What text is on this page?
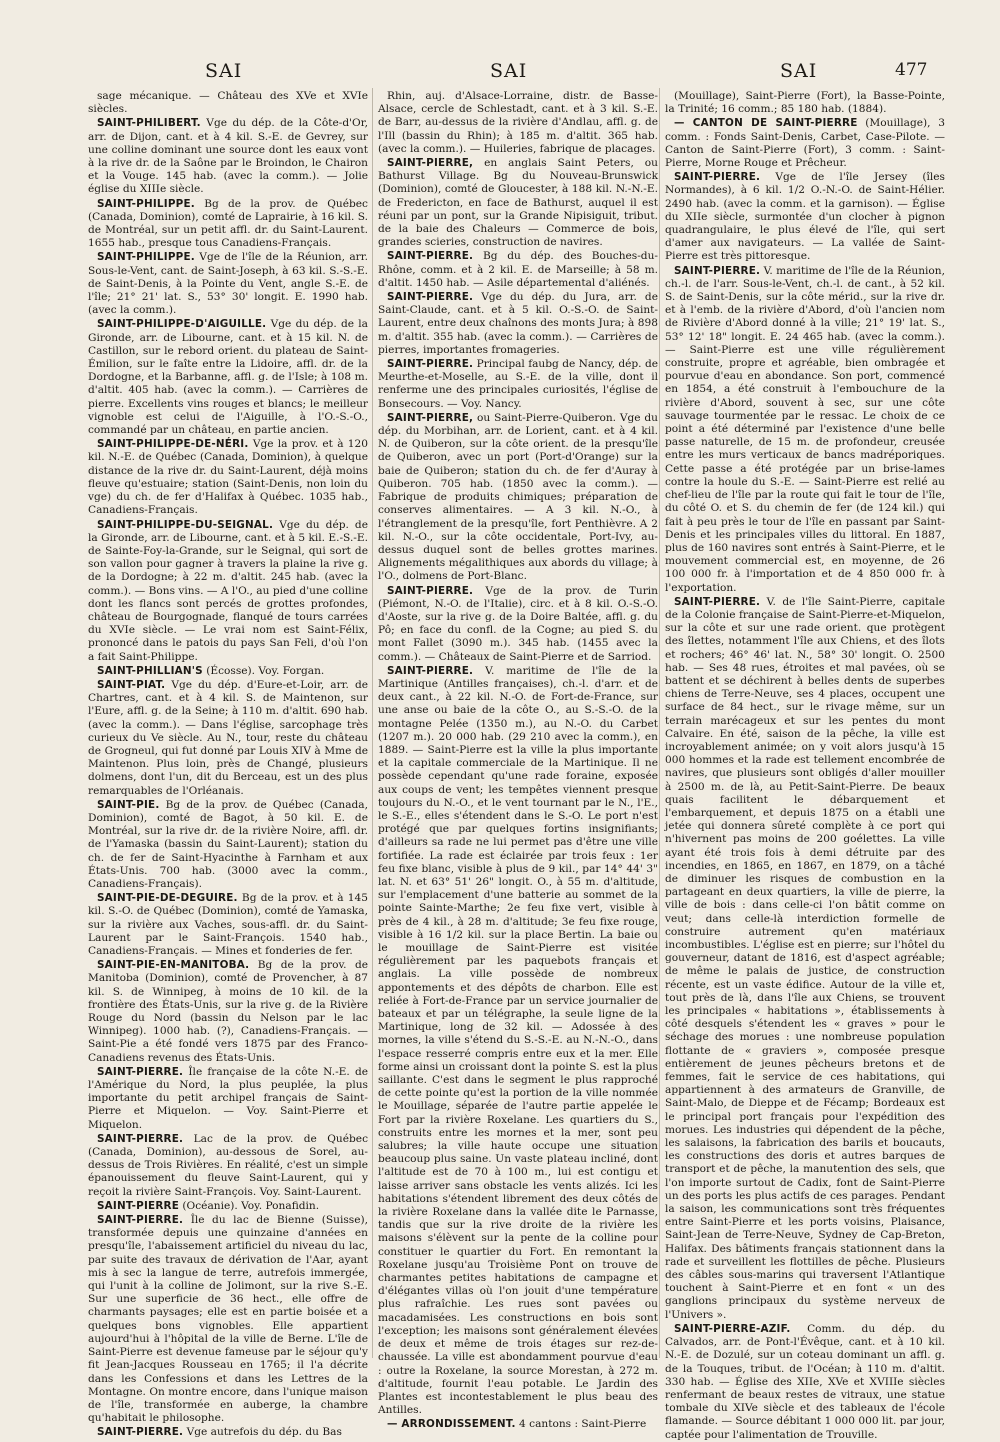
SAI	SAI	SAI	477

sage mécanique. — Château des XVe et XVIe siècles.

SAINT-PHILIBERT. Vge du dép. de la Côte-d'Or, arr. de Dijon, cant. et à 4 kil. S.-E. de Gevrey, sur une colline dominant une source dont les eaux vont à la rive dr. de la Saône par le Broindon, le Chairon et la Vouge. 145 hab. (avec la comm.). — Jolie église du XIIIe siècle.

SAINT-PHILIPPE. Bg de la prov. de Québec (Canada, Dominion), comté de Laprairie, à 16 kil. S. de Montréal, sur un petit affl. dr. du Saint-Laurent. 1655 hab., presque tous Canadiens-Français.

SAINT-PHILIPPE. Vge de l'île de la Réunion, arr. Sous-le-Vent, cant. de Saint-Joseph, à 63 kil. S.-S.-E. de Saint-Denis, à la Pointe du Vent, angle S.-E. de l'île; 21° 21' lat. S., 53° 30' longit. E. 1990 hab. (avec la comm.).

SAINT-PHILIPPE-D'AIGUILLE. Vge du dép. de la Gironde, arr. de Libourne, cant. et à 15 kil. N. de Castillon, sur le rebord orient. du plateau de Saint-Émilion, sur le faîte entre la Lidoire, affl. dr. de la Dordogne, et la Barbanne, affl. g. de l'Isle; à 108 m. d'altit. 405 hab. (avec la comm.). — Carrières de pierre. Excellents vins rouges et blancs; le meilleur vignoble est celui de l'Aiguille, à l'O.-S.-O., commandé par un château, en partie ancien.

SAINT-PHILIPPE-DE-NÉRI. Vge la prov. et à 120 kil. N.-E. de Québec (Canada, Dominion), à quelque distance de la rive dr. du Saint-Laurent, déjà moins fleuve qu'estuaire; station (Saint-Denis, non loin du vge) du ch. de fer d'Halifax à Québec. 1035 hab., Canadiens-Français.

SAINT-PHILIPPE-DU-SEIGNAL. Vge du dép. de la Gironde, arr. de Libourne, cant. et à 5 kil. E.-S.-E. de Sainte-Foy-la-Grande, sur le Seignal, qui sort de son vallon pour gagner à travers la plaine la rive g. de la Dordogne; à 22 m. d'altit. 245 hab. (avec la comm.). — Bons vins. — A l'O., au pied d'une colline dont les flancs sont percés de grottes profondes, château de Bourgognade, flanqué de tours carrées du XVIe siècle. — Le vrai nom est Saint-Félix, prononcé dans le patois du pays San Feli, d'où l'on a fait Saint-Philippe.

SAINT-PHILLIAN'S (Écosse). Voy. Forgan.

SAINT-PIAT. Vge du dép. d'Eure-et-Loir, arr. de Chartres, cant. et à 4 kil. S. de Maintenon, sur l'Eure, affl. g. de la Seine; à 110 m. d'altit. 690 hab. (avec la comm.). — Dans l'église, sarcophage très curieux du Ve siècle. Au N., tour, reste du château de Grogneul, qui fut donné par Louis XIV à Mme de Maintenon. Plus loin, près de Changé, plusieurs dolmens, dont l'un, dit du Berceau, est un des plus remarquables de l'Orléanais.

SAINT-PIE. Bg de la prov. de Québec (Canada, Dominion), comté de Bagot, à 50 kil. E. de Montréal, sur la rive dr. de la rivière Noire, affl. dr. de l'Yamaska (bassin du Saint-Laurent); station du ch. de fer de Saint-Hyacinthe à Farnham et aux États-Unis. 700 hab. (3000 avec la comm., Canadiens-Français).

SAINT-PIE-DE-DEGUIRE. Bg de la prov. et à 145 kil. S.-O. de Québec (Dominion), comté de Yamaska, sur la rivière aux Vaches, sous-affl. dr. du Saint-Laurent par le Saint-François. 1540 hab., Canadiens-Français. — Mines et fonderies de fer.

SAINT-PIE-EN-MANITOBA. Bg de la prov. de Manitoba (Dominion), comté de Provencher, à 87 kil. S. de Winnipeg, à moins de 10 kil. de la frontière des États-Unis, sur la rive g. de la Rivière Rouge du Nord (bassin du Nelson par le lac Winnipeg). 1000 hab. (?), Canadiens-Français. — Saint-Pie a été fondé vers 1875 par des Franco-Canadiens revenus des États-Unis.

SAINT-PIERRE. Île française de la côte N.-E. de l'Amérique du Nord, la plus peuplée, la plus importante du petit archipel français de Saint-Pierre et Miquelon. — Voy. Saint-Pierre et Miquelon.

SAINT-PIERRE. Lac de la prov. de Québec (Canada, Dominion), au-dessous de Sorel, au-dessus de Trois Rivières. En réalité, c'est un simple épanouissement du fleuve Saint-Laurent, qui y reçoit la rivière Saint-François. Voy. Saint-Laurent.

SAINT-PIERRE (Océanie). Voy. Ponafidin.

SAINT-PIERRE. Île du lac de Bienne (Suisse), transformée depuis une quinzaine d'années en presqu'île, l'abaissement artificiel du niveau du lac, par suite des travaux de dérivation de l'Aar, ayant mis à sec la langue de terre, autrefois immergée, qui l'unit à la colline de Jolimont, sur la rive S.-E. Sur une superficie de 36 hect., elle offre de charmants paysages; elle est en partie boisée et a quelques bons vignobles. Elle appartient aujourd'hui à l'hôpital de la ville de Berne. L'île de Saint-Pierre est devenue fameuse par le séjour qu'y fit Jean-Jacques Rousseau en 1765; il l'a décrite dans les Confessions et dans les Lettres de la Montagne. On montre encore, dans l'unique maison de l'île, transformée en auberge, la chambre qu'habitait le philosophe.

SAINT-PIERRE. Vge autrefois du dép. du Bas

Rhin, auj. d'Alsace-Lorraine, distr. de Basse-Alsace, cercle de Schlestadt, cant. et à 3 kil. S.-E. de Barr, au-dessus de la rivière d'Andlau, affl. g. de l'Ill (bassin du Rhin); à 185 m. d'altit. 365 hab. (avec la comm.). — Huileries, fabrique de placages.

SAINT-PIERRE, en anglais Saint Peters, ou Bathurst Village. Bg du Nouveau-Brunswick (Dominion), comté de Gloucester, à 188 kil. N.-N.-E. de Fredericton, en face de Bathurst, auquel il est réuni par un pont, sur la Grande Nipisiguit, tribut. de la baie des Chaleurs — Commerce de bois, grandes scieries, construction de navires.

SAINT-PIERRE. Bg du dép. des Bouches-du-Rhône, comm. et à 2 kil. E. de Marseille; à 58 m. d'altit. 1450 hab. — Asile départemental d'aliénés.

SAINT-PIERRE. Vge du dép. du Jura, arr. de Saint-Claude, cant. et à 5 kil. O.-S.-O. de Saint-Laurent, entre deux chaînons des monts Jura; à 898 m. d'altit. 355 hab. (avec la comm.). — Carrières de pierres, importantes fromageries.

SAINT-PIERRE. Principal faubg de Nancy, dép. de Meurthe-et-Moselle, au S.-E. de la ville, dont il renferme une des principales curiosités, l'église de Bonsecours. — Voy. Nancy.

SAINT-PIERRE, ou Saint-Pierre-Quiberon. Vge du dép. du Morbihan, arr. de Lorient, cant. et à 4 kil. N. de Quiberon, sur la côte orient. de la presqu'île de Quiberon, avec un port (Port-d'Orange) sur la baie de Quiberon; station du ch. de fer d'Auray à Quiberon. 705 hab. (1850 avec la comm.). — Fabrique de produits chimiques; préparation de conserves alimentaires. — A 3 kil. N.-O., à l'étranglement de la presqu'île, fort Penthièvre. A 2 kil. N.-O., sur la côte occidentale, Port-Ivy, au-dessus duquel sont de belles grottes marines. Alignements mégalithiques aux abords du village; à l'O., dolmens de Port-Blanc.

SAINT-PIERRE. Vge de la prov. de Turin (Piémont, N.-O. de l'Italie), circ. et à 8 kil. O.-S.-O. d'Aoste, sur la rive g. de la Doire Baltée, affl. g. du Pô; en face du confl. de la Cogne; au pied S. du mont Fallet (3090 m.). 345 hab. (1455 avec la comm.). — Châteaux de Saint-Pierre et de Sarriod.

SAINT-PIERRE. V. maritime de l'île de la Martinique (Antilles françaises), ch.-l. d'arr. et de deux cant., à 22 kil. N.-O. de Fort-de-France, sur une anse ou baie de la côte O., au S.-S.-O. de la montagne Pelée (1350 m.), au N.-O. du Carbet (1207 m.). 20 000 hab. (29 210 avec la comm.), en 1889. — Saint-Pierre est la ville la plus importante et la capitale commerciale de la Martinique. Il ne possède cependant qu'une rade foraine, exposée aux coups de vent; les tempêtes viennent presque toujours du N.-O., et le vent tournant par le N., l'E., le S.-E., elles s'étendent dans le S.-O. Le port n'est protégé que par quelques fortins insignifiants; d'ailleurs sa rade ne lui permet pas d'être une ville fortifiée. La rade est éclairée par trois feux : 1er feu fixe blanc, visible à plus de 9 kil., par 14° 44' 3" lat. N. et 63° 51' 26" longit. O., à 55 m. d'altitude, sur l'emplacement d'une batterie au sommet de la pointe Sainte-Marthe; 2e feu fixe vert, visible à près de 4 kil., à 28 m. d'altitude; 3e feu fixe rouge, visible à 16 1/2 kil. sur la place Bertin. La baie ou le mouillage de Saint-Pierre est visitée régulièrement par les paquebots français et anglais. La ville possède de nombreux appontements et des dépôts de charbon. Elle est reliée à Fort-de-France par un service journalier de bateaux et par un télégraphe, la seule ligne de la Martinique, long de 32 kil. — Adossée à des mornes, la ville s'étend du S.-S.-E. au N.-N.-O., dans l'espace resserré compris entre eux et la mer. Elle forme ainsi un croissant dont la pointe S. est la plus saillante. C'est dans le segment le plus rapproché de cette pointe qu'est la portion de la ville nommée le Mouillage, séparée de l'autre partie appelée le Fort par la rivière Roxelane. Les quartiers du S., construits entre les mornes et la mer, sont peu salubres; la ville haute occupe une situation beaucoup plus saine. Un vaste plateau incliné, dont l'altitude est de 70 à 100 m., lui est contigu et laisse arriver sans obstacle les vents alizés. Ici les habitations s'étendent librement des deux côtés de la rivière Roxelane dans la vallée dite le Parnasse, tandis que sur la rive droite de la rivière les maisons s'élèvent sur la pente de la colline pour constituer le quartier du Fort. En remontant la Roxelane jusqu'au Troisième Pont on trouve de charmantes petites habitations de campagne et d'élégantes villas où l'on jouit d'une température plus rafraîchie. Les rues sont pavées ou macadamisées. Les constructions en bois sont l'exception; les maisons sont généralement élevées de deux et même de trois étages sur rez-de-chaussée. La ville est abondamment pourvue d'eau : outre la Roxelane, la source Morestan, à 272 m. d'altitude, fournit l'eau potable. Le Jardin des Plantes est incontestablement le plus beau des Antilles.

— ARRONDISSEMENT. 4 cantons : Saint-Pierre

(Mouillage), Saint-Pierre (Fort), la Basse-Pointe, la Trinité; 16 comm.; 85 180 hab. (1884).

— CANTON DE SAINT-PIERRE (Mouillage), 3 comm. : Fonds Saint-Denis, Carbet, Case-Pilote. — Canton de Saint-Pierre (Fort), 3 comm. : Saint-Pierre, Morne Rouge et Prêcheur.

SAINT-PIERRE. Vge de l'île Jersey (îles Normandes), à 6 kil. 1/2 O.-N.-O. de Saint-Hélier. 2490 hab. (avec la comm. et la garnison). — Église du XIIe siècle, surmontée d'un clocher à pignon quadrangulaire, le plus élevé de l'île, qui sert d'amer aux navigateurs. — La vallée de Saint-Pierre est très pittoresque.

SAINT-PIERRE. V. maritime de l'île de la Réunion, ch.-l. de l'arr. Sous-le-Vent, ch.-l. de cant., à 52 kil. S. de Saint-Denis, sur la côte mérid., sur la rive dr. et à l'emb. de la rivière d'Abord, d'où l'ancien nom de Rivière d'Abord donné à la ville; 21° 19' lat. S., 53° 12' 18" longit. E. 24 465 hab. (avec la comm.). — Saint-Pierre est une ville régulièrement construite, propre et agréable, bien ombragée et pourvue d'eau en abondance. Son port, commencé en 1854, a été construit à l'embouchure de la rivière d'Abord, souvent à sec, sur une côte sauvage tourmentée par le ressac. Le choix de ce point a été déterminé par l'existence d'une belle passe naturelle, de 15 m. de profondeur, creusée entre les murs verticaux de bancs madréporiques. Cette passe a été protégée par un brise-lames contre la houle du S.-E. — Saint-Pierre est relié au chef-lieu de l'île par la route qui fait le tour de l'île, du côté O. et S. du chemin de fer (de 124 kil.) qui fait à peu près le tour de l'île en passant par Saint-Denis et les principales villes du littoral. En 1887, plus de 160 navires sont entrés à Saint-Pierre, et le mouvement commercial est, en moyenne, de 26 100 000 fr. à l'importation et de 4 850 000 fr. à l'exportation.

SAINT-PIERRE. V. de l'île Saint-Pierre, capitale de la Colonie française de Saint-Pierre-et-Miquelon, sur la côte et sur une rade orient. que protègent des îlettes, notamment l'île aux Chiens, et des îlots et rochers; 46° 46' lat. N., 58° 30' longit. O. 2500 hab. — Ses 48 rues, étroites et mal pavées, où se battent et se déchirent à belles dents de superbes chiens de Terre-Neuve, ses 4 places, occupent une surface de 84 hect., sur le rivage même, sur un terrain marécageux et sur les pentes du mont Calvaire. En été, saison de la pêche, la ville est incroyablement animée; on y voit alors jusqu'à 15 000 hommes et la rade est tellement encombrée de navires, que plusieurs sont obligés d'aller mouiller à 2500 m. de là, au Petit-Saint-Pierre. De beaux quais facilitent le débarquement et l'embarquement, et depuis 1875 on a établi une jetée qui donnera sûreté complète à ce port qui n'hivernent pas moins de 200 goélettes. La ville ayant été trois fois à demi détruite par des incendies, en 1865, en 1867, en 1879, on a tâché de diminuer les risques de combustion en la partageant en deux quartiers, la ville de pierre, la ville de bois : dans celle-ci l'on bâtit comme on veut; dans celle-là interdiction formelle de construire autrement qu'en matériaux incombustibles. L'église est en pierre; sur l'hôtel du gouverneur, datant de 1816, est d'aspect agréable; de même le palais de justice, de construction récente, est un vaste édifice. Autour de la ville et, tout près de là, dans l'île aux Chiens, se trouvent les principales « habitations », établissements à côté desquels s'étendent les « graves » pour le séchage des morues : une nombreuse population flottante de « graviers », composée presque entièrement de jeunes pêcheurs bretons et de femmes, fait le service de ces habitations, qui appartiennent à des armateurs de Granville, de Saint-Malo, de Dieppe et de Fécamp; Bordeaux est le principal port français pour l'expédition des morues. Les industries qui dépendent de la pêche, les salaisons, la fabrication des barils et boucauts, les constructions des doris et autres barques de transport et de pêche, la manutention des sels, que l'on importe surtout de Cadix, font de Saint-Pierre un des ports les plus actifs de ces parages. Pendant la saison, les communications sont très fréquentes entre Saint-Pierre et les ports voisins, Plaisance, Saint-Jean de Terre-Neuve, Sydney de Cap-Breton, Halifax. Des bâtiments français stationnent dans la rade et surveillent les flottilles de pêche. Plusieurs des câbles sous-marins qui traversent l'Atlantique touchent à Saint-Pierre et en font « un des ganglions principaux du système nerveux de l'Univers ».

SAINT-PIERRE-AZIF. Comm. du dép. du Calvados, arr. de Pont-l'Évêque, cant. et à 10 kil. N.-E. de Dozulé, sur un coteau dominant un affl. g. de la Touques, tribut. de l'Océan; à 110 m. d'altit. 330 hab. — Église des XIIe, XVe et XVIIIe siècles renfermant de beaux restes de vitraux, une statue tombale du XIVe siècle et des tableaux de l'école flamande. — Source débitant 1 000 000 lit. par jour, captée pour l'alimentation de Trouville.
